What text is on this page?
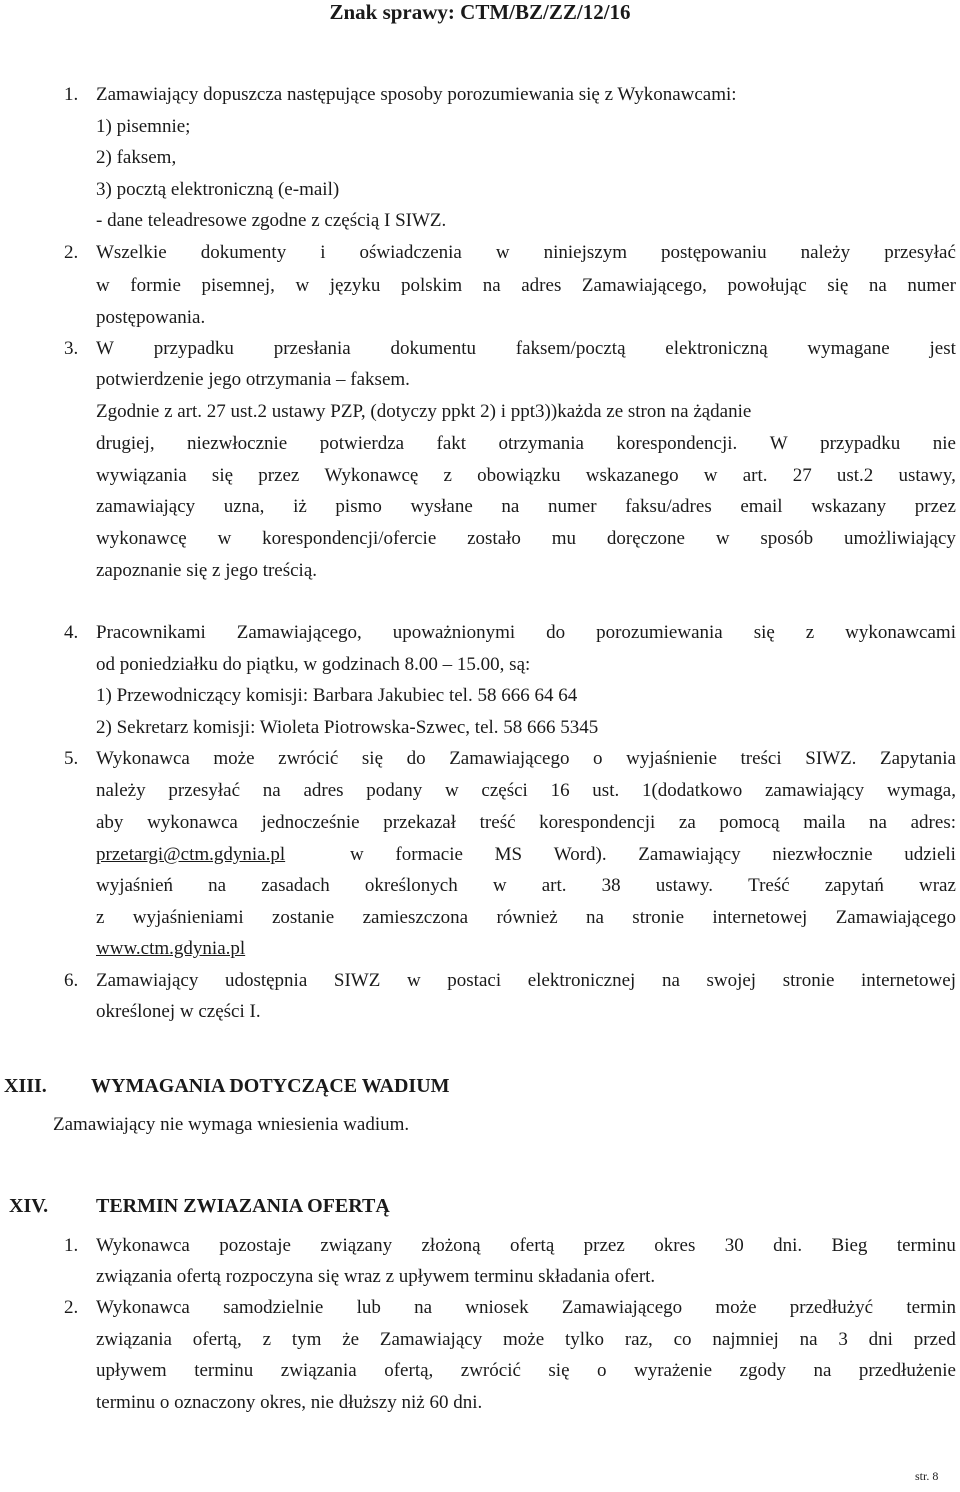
Znak sprawy: CTM/BZ/ZZ/12/16
1. Zamawiający dopuszcza następujące sposoby porozumiewania się z Wykonawcami:
1) pisemnie;
2) faksem,
3) pocztą elektroniczną (e-mail)
- dane teleadresowe zgodne z częścią I SIWZ.
2. Wszelkie dokumenty i oświadczenia w niniejszym postępowaniu należy przesyłać
w formie pisemnej, w języku polskim na adres Zamawiającego, powołując się na numer
postępowania.
3. W przypadku przesłania dokumentu faksem/pocztą elektroniczną wymagane jest
potwierdzenie jego otrzymania – faksem.
Zgodnie z art. 27 ust.2 ustawy PZP, (dotyczy ppkt 2) i ppt3))każda ze stron na żądanie
drugiej, niezwłocznie potwierdza fakt otrzymania korespondencji. W przypadku nie
wywiązania się przez Wykonawcę z obowiązku wskazanego w art. 27 ust.2 ustawy,
zamawiający uzna, iż pismo wysłane na numer faksu/adres email wskazany przez
wykonawcę w korespondencji/ofercie zostało mu doręczone w sposób umożliwiający
zapoznanie się z jego treścią.
4. Pracownikami Zamawiającego, upoważnionymi do porozumiewania się z wykonawcami
od poniedziałku do piątku, w godzinach 8.00 – 15.00, są:
1) Przewodniczący komisji: Barbara Jakubiec tel. 58 666 64 64
2) Sekretarz komisji: Wioleta Piotrowska-Szwec, tel. 58 666 5345
5. Wykonawca może zwrócić się do Zamawiającego o wyjaśnienie treści SIWZ. Zapytania
należy przesyłać na adres podany w części 16 ust. 1(dodatkowo zamawiający wymaga,
aby wykonawca jednocześnie przekazał treść korespondencji za pomocą maila na adres:
przetargi@ctm.gdynia.pl	w formacie MS Word). Zamawiający niezwłocznie udzieli
wyjaśnień na zasadach określonych w art. 38 ustawy. Treść zapytań wraz
z wyjaśnieniami zostanie zamieszczona również na stronie internetowej Zamawiającego
www.ctm.gdynia.pl
6. Zamawiający udostępnia SIWZ w postaci elektronicznej na swojej stronie internetowej
określonej w części I.
XIII. WYMAGANIA DOTYCZĄCE WADIUM
Zamawiający nie wymaga wniesienia wadium.
XIV. TERMIN ZWIAZANIA OFERTĄ
1. Wykonawca pozostaje związany złożoną ofertą przez okres 30 dni. Bieg terminu
związania ofertą rozpoczyna się wraz z upływem terminu składania ofert.
2. Wykonawca samodzielnie lub na wniosek Zamawiającego może przedłużyć termin
związania ofertą, z tym że Zamawiający może tylko raz, co najmniej na 3 dni przed
upływem terminu związania ofertą, zwrócić się o wyrażenie zgody na przedłużenie
terminu o oznaczony okres, nie dłuższy niż 60 dni.
str. 8
